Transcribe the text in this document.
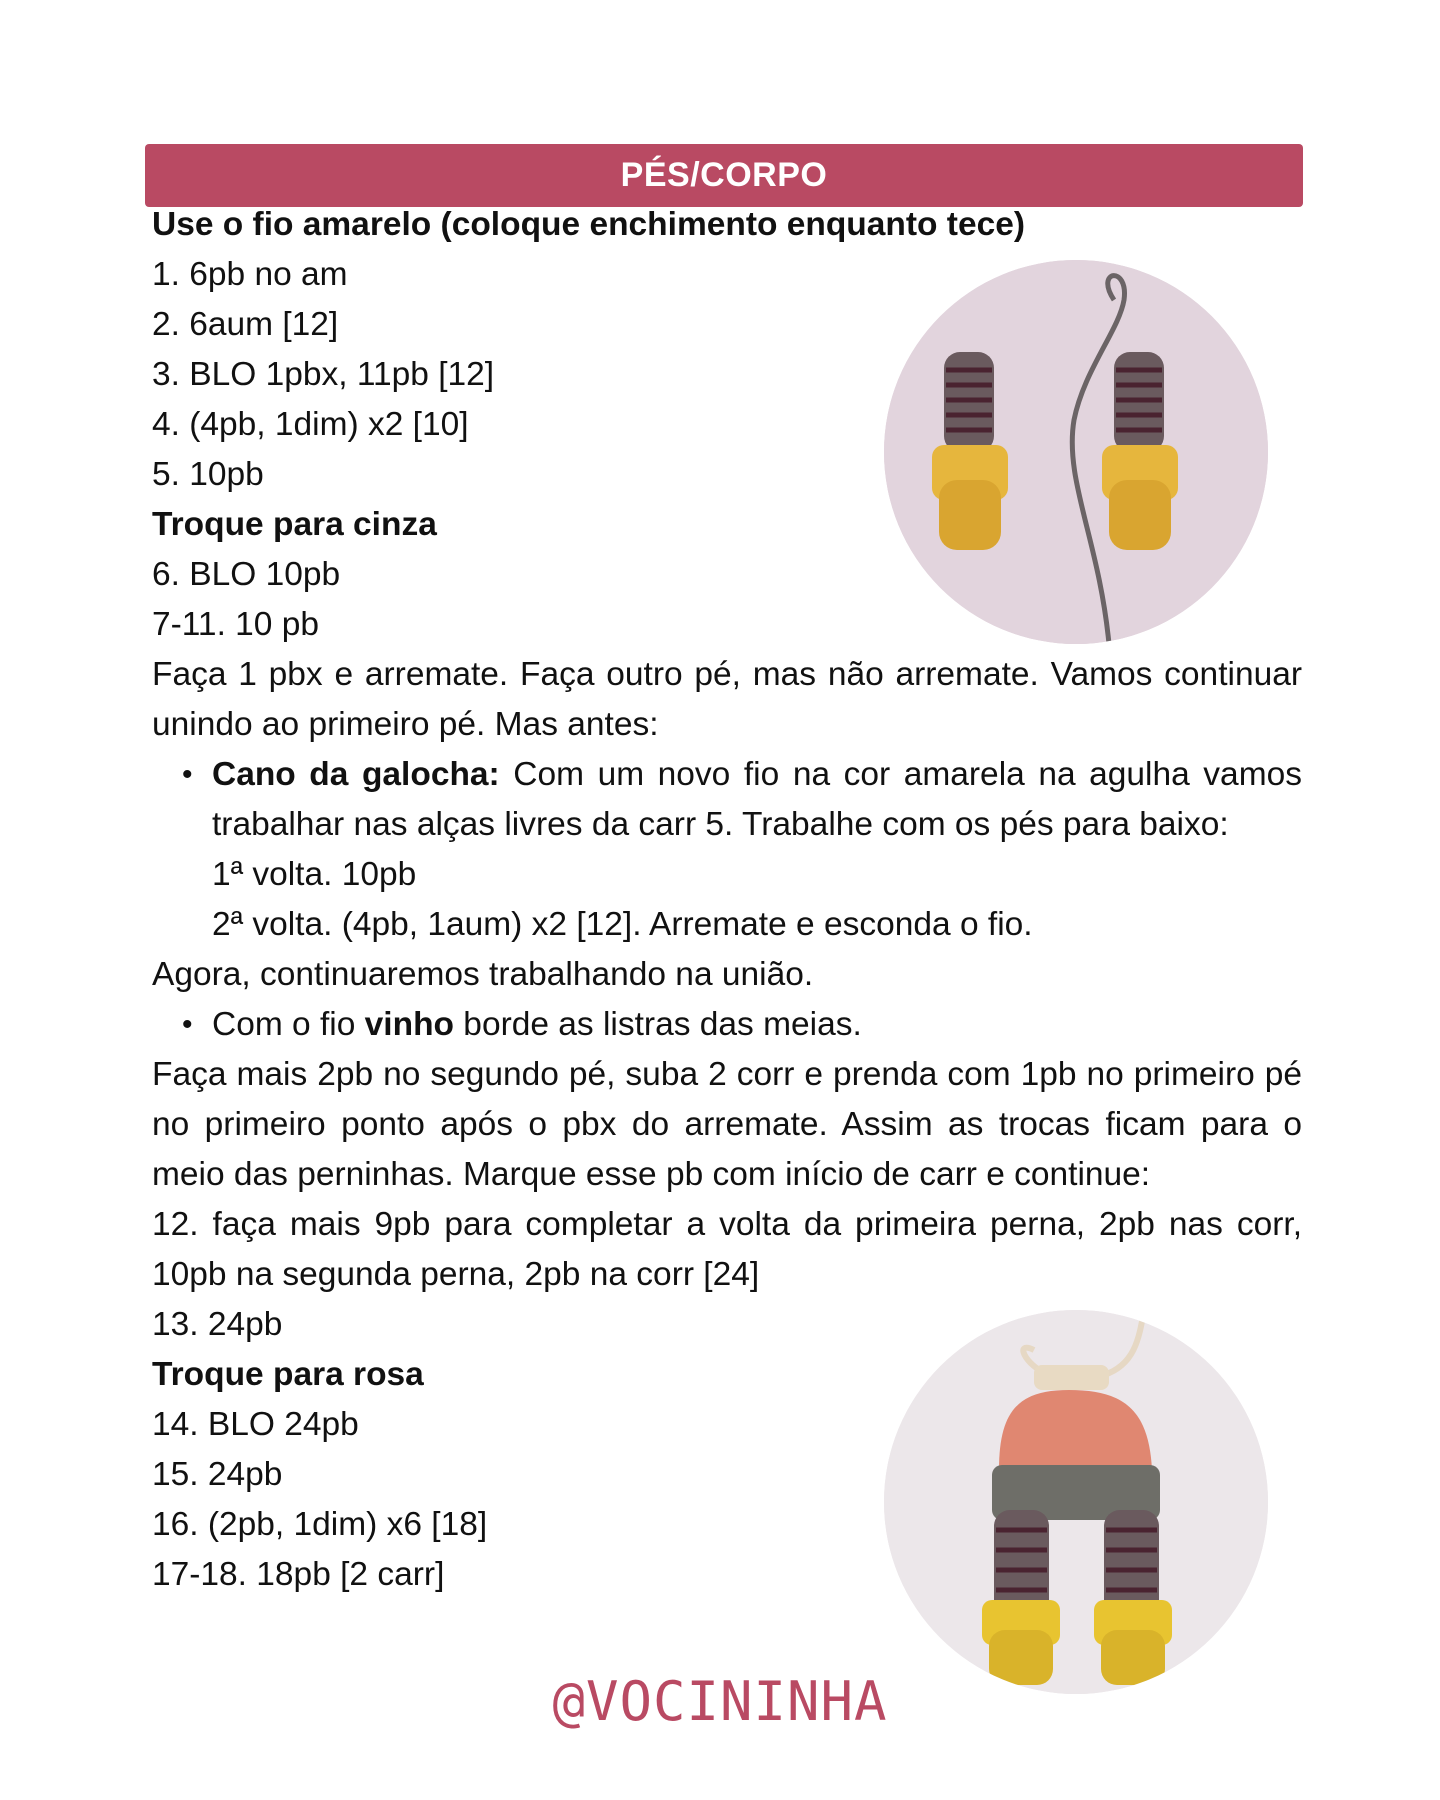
PÉS/CORPO
Use o fio amarelo (coloque enchimento enquanto tece)
1. 6pb no am
2. 6aum [12]
3. BLO 1pbx, 11pb [12]
4. (4pb, 1dim) x2 [10]
5. 10pb
Troque para cinza
6. BLO 10pb
7-11. 10 pb
Faça 1 pbx e arremate. Faça outro pé, mas não arremate. Vamos continuar unindo ao primeiro pé. Mas antes:
• Cano da galocha: Com um novo fio na cor amarela na agulha vamos trabalhar nas alças livres da carr 5. Trabalhe com os pés para baixo:
1ª volta. 10pb
2ª volta. (4pb, 1aum) x2 [12]. Arremate e esconda o fio.
Agora, continuaremos trabalhando na união.
• Com o fio vinho borde as listras das meias.
Faça mais 2pb no segundo pé, suba 2 corr e prenda com 1pb no primeiro pé no primeiro ponto após o pbx do arremate. Assim as trocas ficam para o meio das perninhas. Marque esse pb com início de carr e continue:
12. faça mais 9pb para completar a volta da primeira perna, 2pb nas corr, 10pb na segunda perna, 2pb na corr [24]
13. 24pb
Troque para rosa
14. BLO 24pb
15. 24pb
16. (2pb, 1dim) x6 [18]
17-18. 18pb [2 carr]
@VOCININHA
